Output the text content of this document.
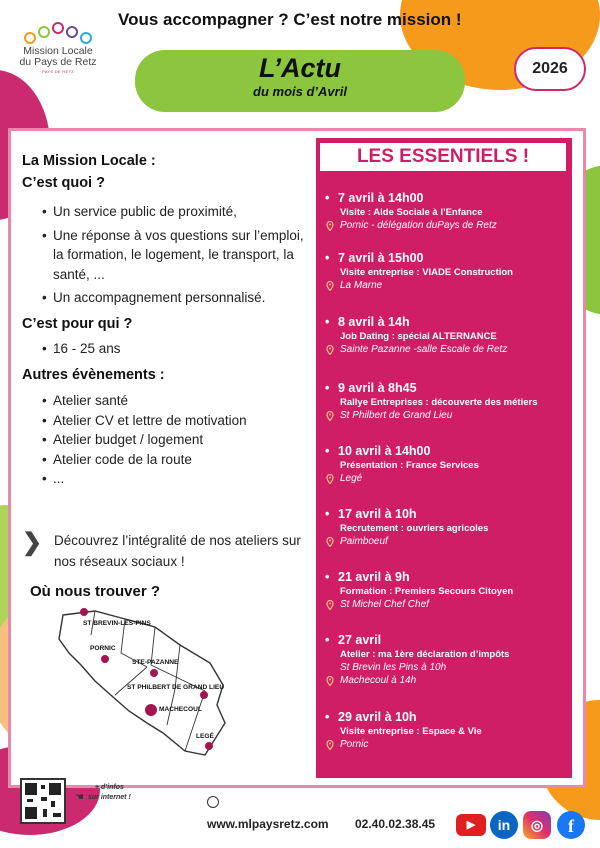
Mission Locale du Pays de Retz
PAYS DE RETZ
Vous accompagner ? C’est notre mission !
L’Actu
du mois d’Avril
2026
La Mission Locale :
C’est quoi ?
• Un service public de proximité,
• Une réponse à vos questions sur l’emploi, la formation, le logement, le transport, la santé, ...
• Un accompagnement personnalisé.
C’est pour qui ?
• 16 - 25 ans
Autres évènements :
• Atelier santé
• Atelier CV et lettre de motivation
• Atelier budget / logement
• Atelier code de la route
• ...
❯ Découvrez l’intégralité de nos ateliers sur nos réseaux sociaux !
Où nous trouver ?
ST BREVIN-LES-PINS
PORNIC
STE-PAZANNE
ST PHILBERT DE GRAND LIEU
MACHECOUL
LEGÉ
LES ESSENTIELS !
• 7 avril à 14h00
Visite : Aide Sociale à l’Enfance
Pornic - délégation duPays de Retz
• 7 avril à 15h00
Visite entreprise : VIADE Construction
La Marne
• 8 avril à 14h
Job Dating : spécial ALTERNANCE
Sainte Pazanne -salle Escale de Retz
• 9 avril à 8h45
Rallye Entreprises : découverte des métiers
St Philbert de Grand Lieu
• 10 avril à 14h00
Présentation : France Services
Legé
• 17 avril à 10h
Recrutement : ouvriers agricoles
Paimboeuf
• 21 avril à 9h
Formation : Premiers Secours Citoyen
St Michel Chef Chef
• 27 avril
Atelier : ma 1ère déclaration d’impôts
St Brevin les Pins à 10h
Machecoul à 14h
• 29 avril à 10h
Visite entreprise : Espace & Vie
Pornic
☚
+ d’infos
sur internet !
www.mlpaysretz.com 02.40.02.38.45	▶	in	◎	f
